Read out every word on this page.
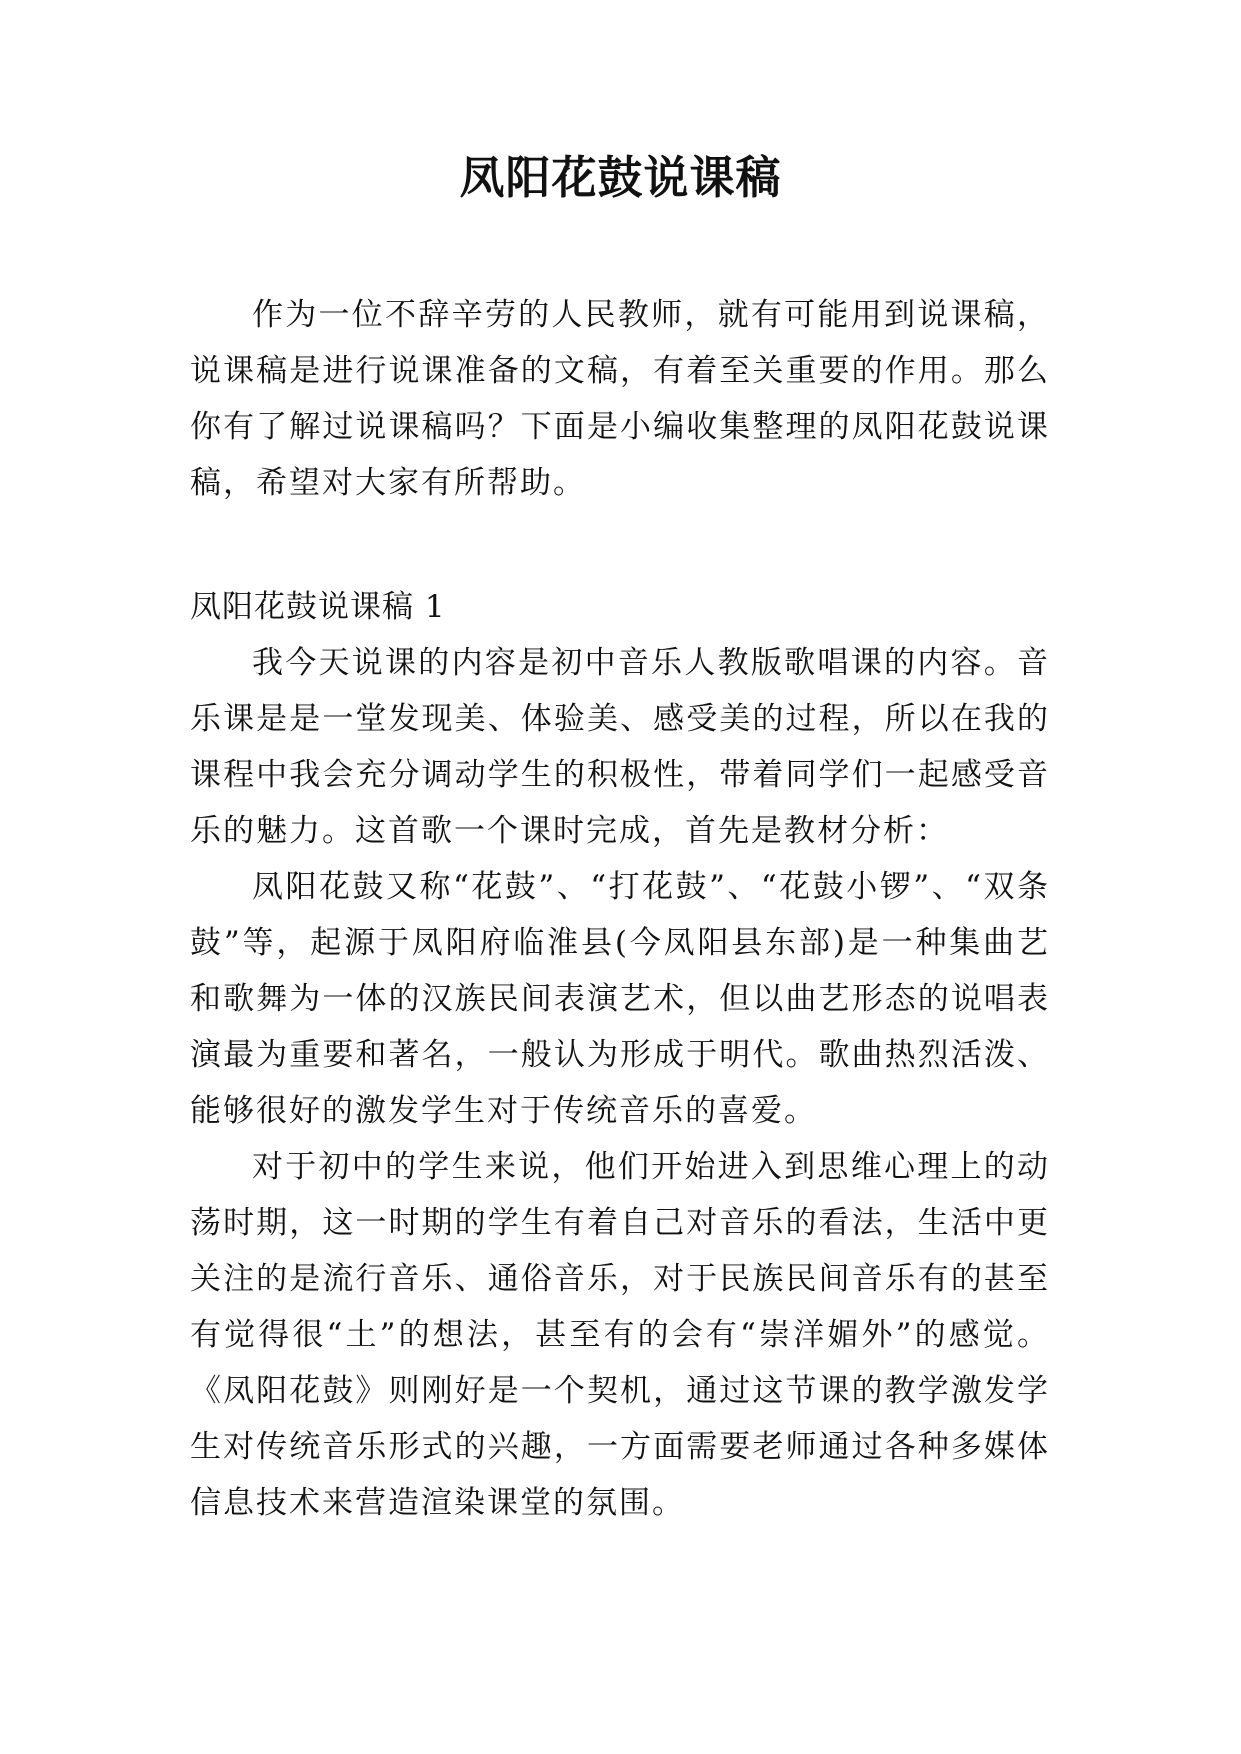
凤阳花鼓说课稿

作为一位不辞辛劳的人民教师，就有可能用到说课稿，说课稿是进行说课准备的文稿，有着至关重要的作用。那么你有了解过说课稿吗？下面是小编收集整理的凤阳花鼓说课稿，希望对大家有所帮助。

凤阳花鼓说课稿 1

我今天说课的内容是初中音乐人教版歌唱课的内容。音乐课是是一堂发现美、体验美、感受美的过程，所以在我的课程中我会充分调动学生的积极性，带着同学们一起感受音乐的魅力。这首歌一个课时完成，首先是教材分析：

凤阳花鼓又称“花鼓”、“打花鼓”、“花鼓小锣”、“双条鼓”等，起源于凤阳府临淮县(今凤阳县东部)是一种集曲艺和歌舞为一体的汉族民间表演艺术，但以曲艺形态的说唱表演最为重要和著名，一般认为形成于明代。歌曲热烈活泼、能够很好的激发学生对于传统音乐的喜爱。

对于初中的学生来说，他们开始进入到思维心理上的动荡时期，这一时期的学生有着自己对音乐的看法，生活中更关注的是流行音乐、通俗音乐，对于民族民间音乐有的甚至有觉得很“土”的想法，甚至有的会有“崇洋媚外”的感觉。《凤阳花鼓》则刚好是一个契机，通过这节课的教学激发学生对传统音乐形式的兴趣，一方面需要老师通过各种多媒体信息技术来营造渲染课堂的氛围。
